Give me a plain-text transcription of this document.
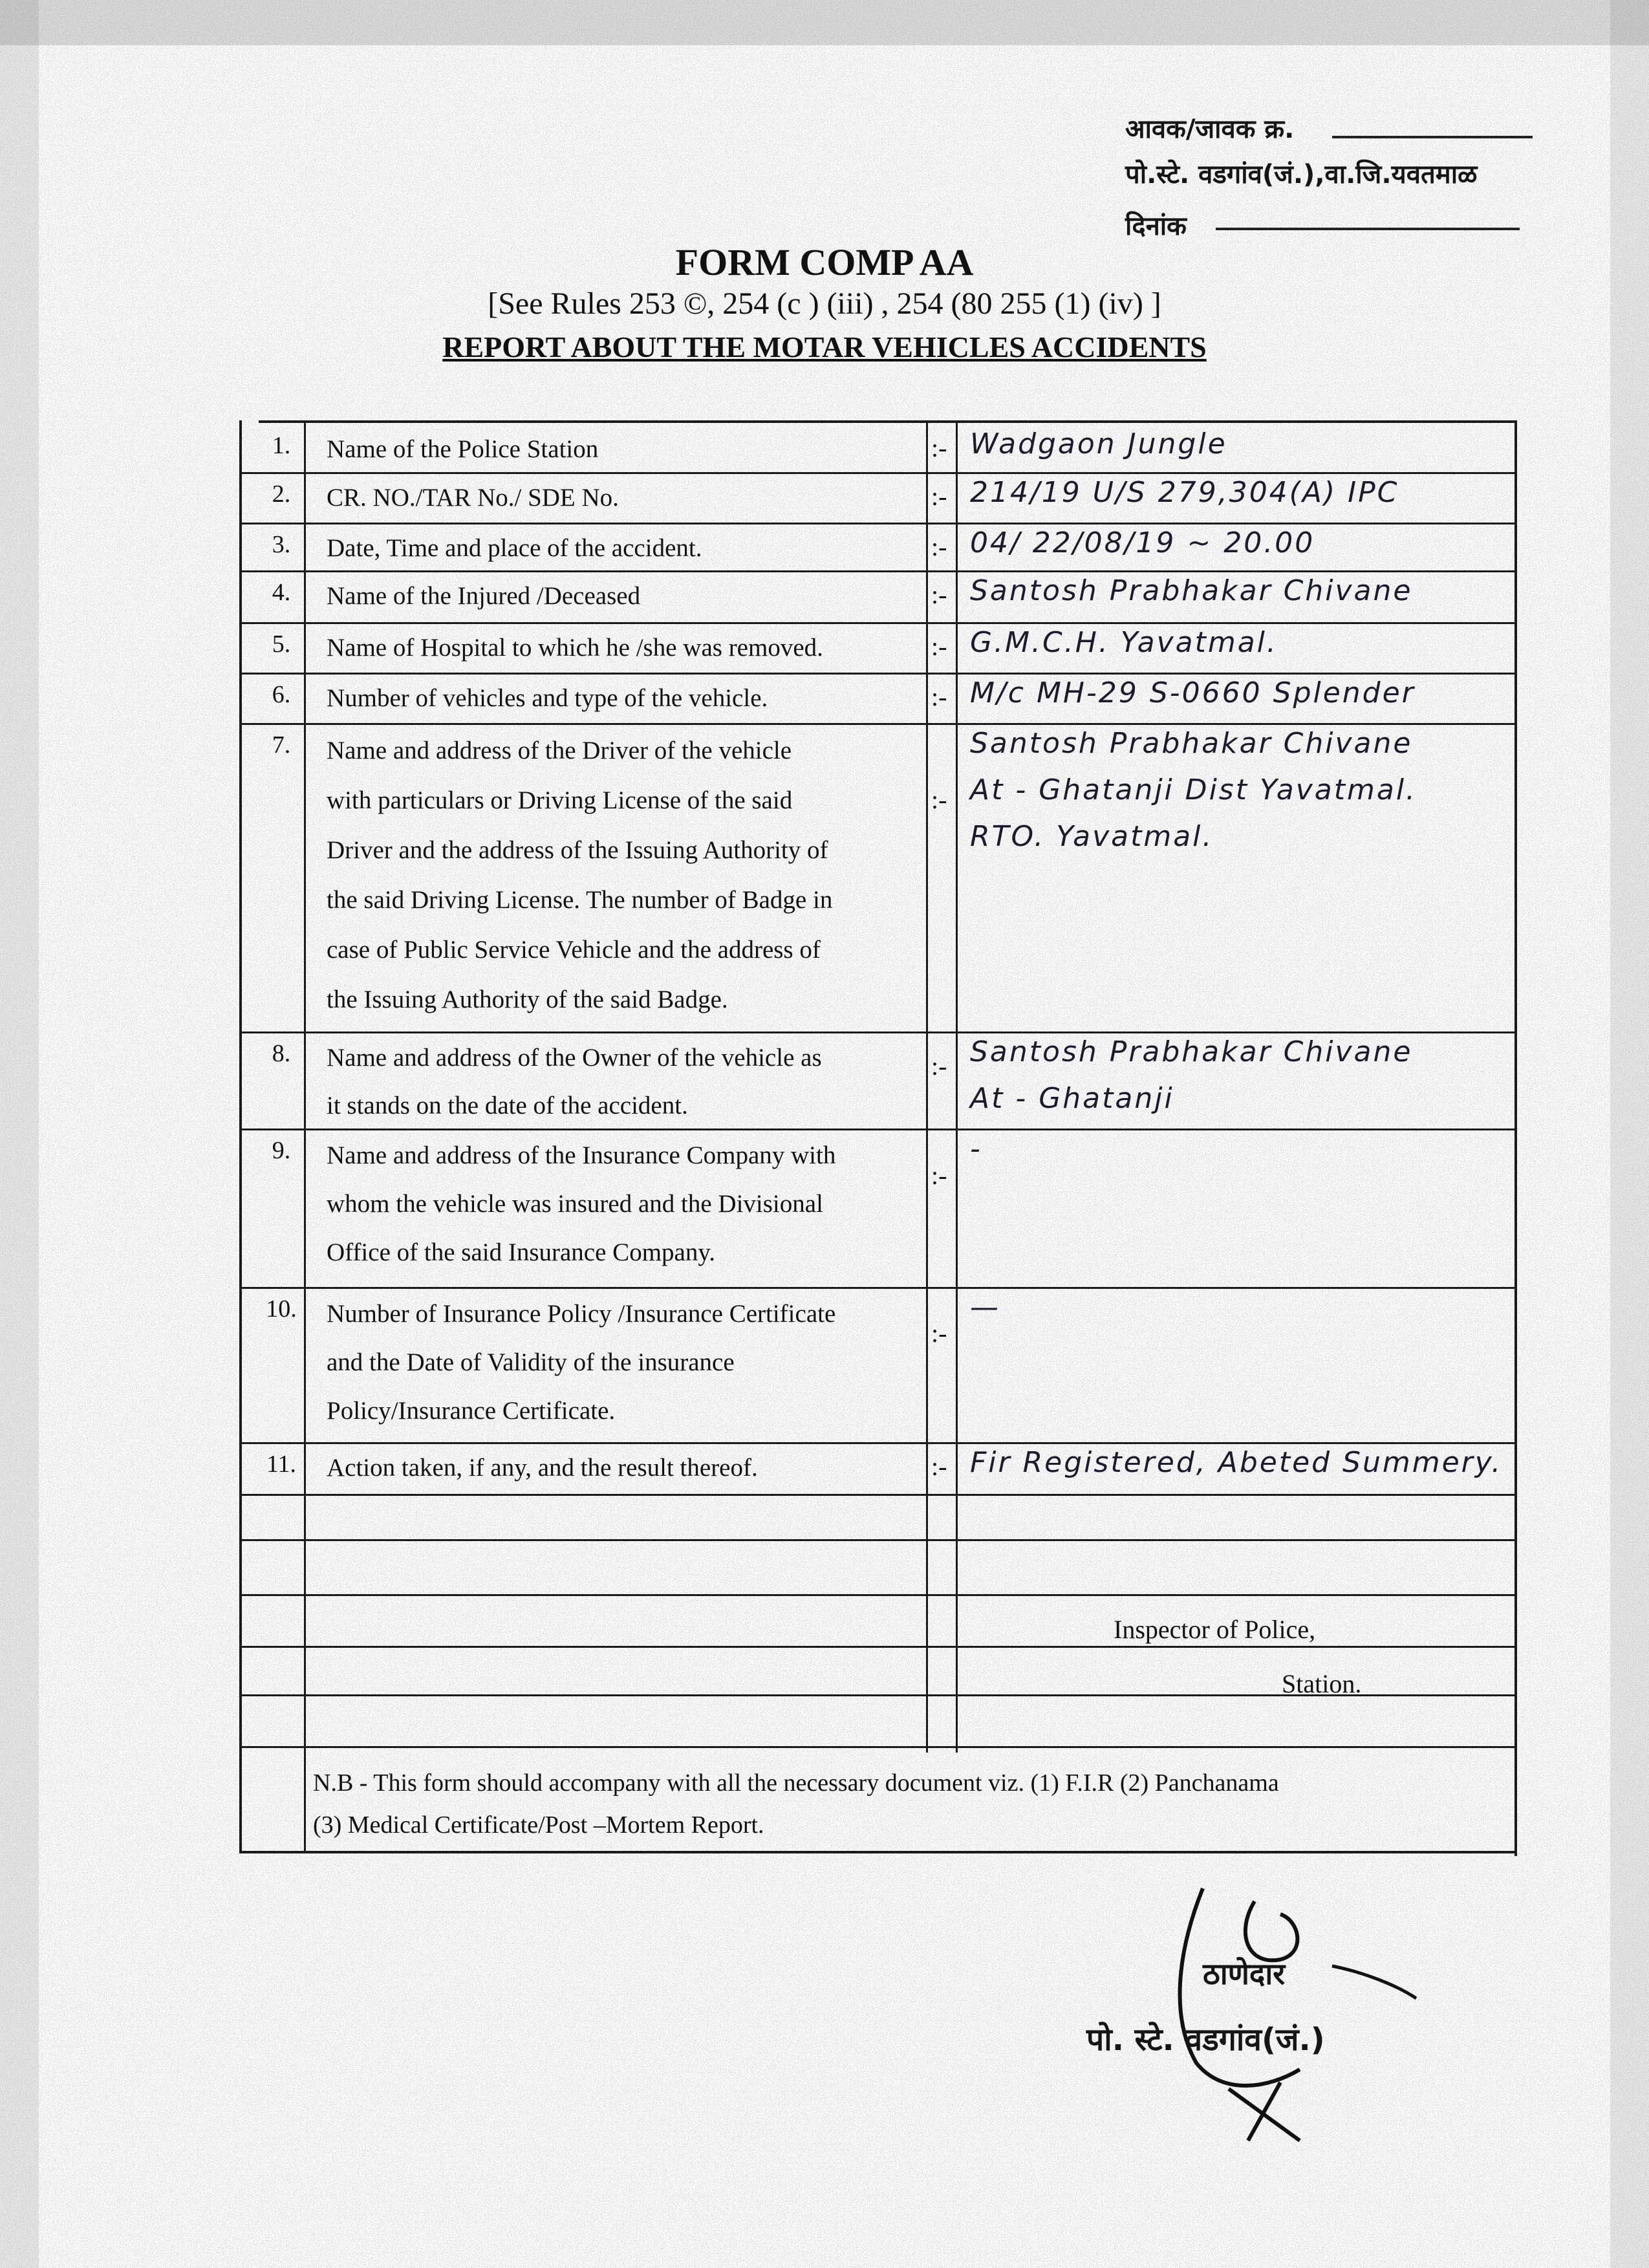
आवक/जावक क्र.
पो.स्टे. वडगांव(जं.),वा.जि.यवतमाळ
दिनांक
FORM COMP AA
[See Rules 253 ©, 254 (c ) (iii) , 254 (80 255 (1) (iv) ]
REPORT ABOUT THE MOTAR VEHICLES ACCIDENTS
1.	Name of the Police Station	:- Wadgaon Jungle
2.	CR. NO./TAR No./ SDE No.	:- 214/19 U/S 279,304(A) IPC
3.	Date, Time and place of the accident.	:- 04/ 22/08/19 ~ 20.00
4.	Name of the Injured /Deceased	:- Santosh Prabhakar Chivane
5.	Name of Hospital to which he /she was removed.	:- G.M.C.H. Yavatmal.
6.	Number of vehicles and type of the vehicle.	:- M/c MH-29 S-0660 Splender
7.	Name and address of the Driver of the vehicle
with particulars or Driving License of the said
Driver and the address of the Issuing Authority of
the said Driving License. The number of Badge in
case of Public Service Vehicle and the address of
the Issuing Authority of the said Badge.
:-
Santosh Prabhakar Chivane
At - Ghatanji Dist Yavatmal.
RTO. Yavatmal.
8.	Name and address of the Owner of the vehicle as
it stands on the date of the accident.
:- Santosh Prabhakar Chivane
At - Ghatanji
9.	Name and address of the Insurance Company with
whom the vehicle was insured and the Divisional
Office of the said Insurance Company.
:-
-
10. Number of Insurance Policy /Insurance Certificate
and the Date of Validity of the insurance
Policy/Insurance Certificate.
:-
—
11.	Action taken, if any, and the result thereof.	:- Fir Registered, Abeted Summery.
Inspector of Police,
Station.
N.B - This form should accompany with all the necessary document viz. (1) F.I.R (2) Panchanama
(3) Medical Certificate/Post –Mortem Report.
ठाणेदार
पो. स्टे. वडगांव(जं.)
